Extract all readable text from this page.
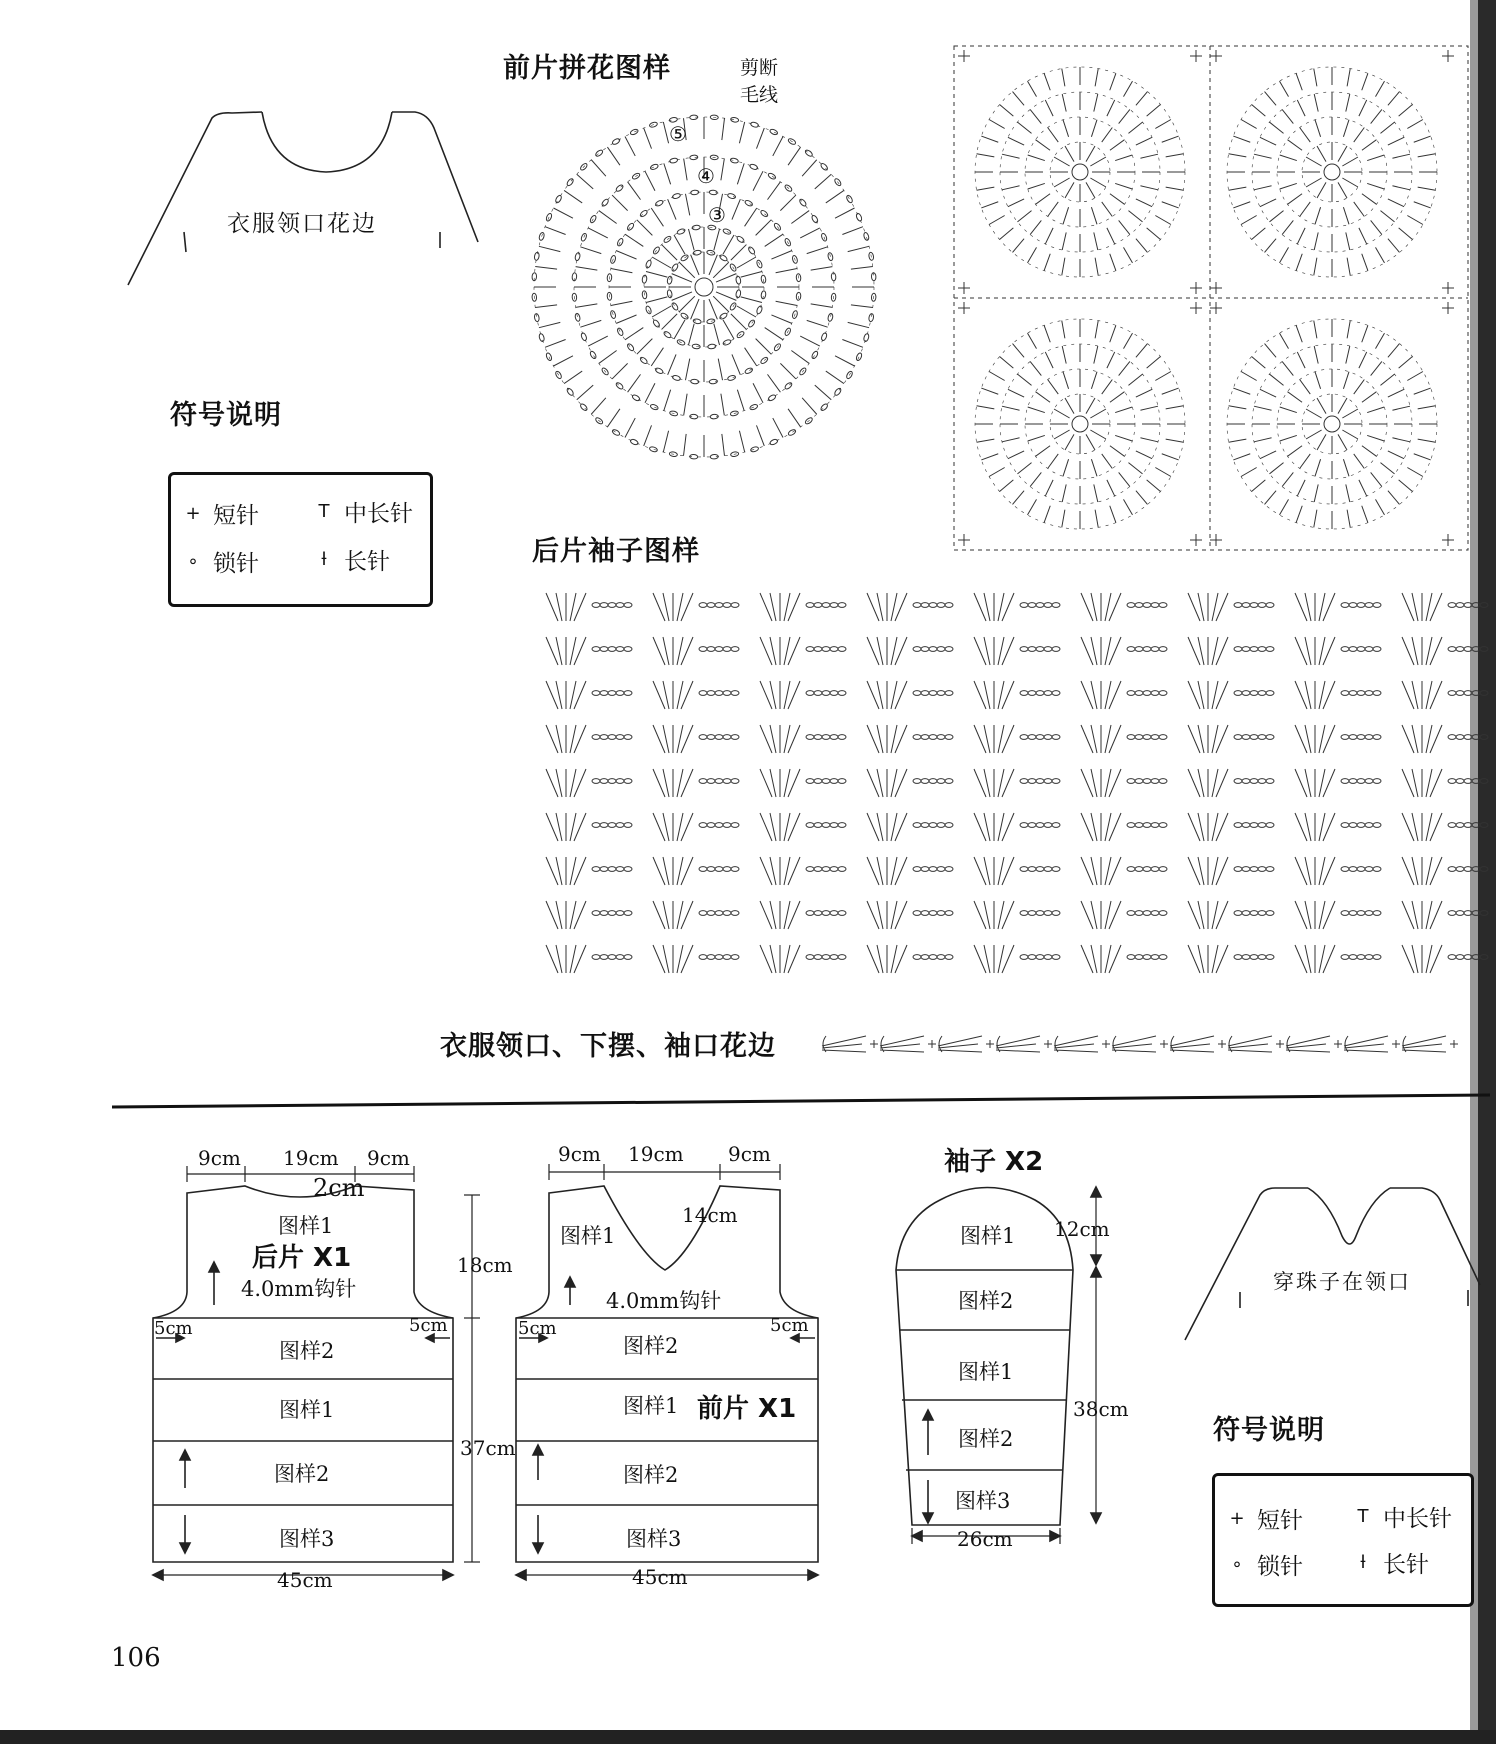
衣服领口花边
符号说明
+ 短针	T 中长针
∘ 锁针	ƚ 长针
前片拼花图样	剪断
毛线
⑤
④
③
后片袖子图样
衣服领口、下摆、袖口花边
9cm 19cm 9cm
2cm
图样1
后片 X1
4.0mm钩针
5cm	5cm
图样2
图样1
图样2
图样3
45cm
18cm
37cm
9cm 19cm 9cm
14cm
图样1
4.0mm钩针
5cm	5cm
图样2
图样1 前片 X1
图样2
图样3
45cm
袖子 X2
图样1 12cm
图样2
图样1
38cm
图样2
图样3
26cm
穿珠子在领口
符号说明
+ 短针	T 中长针
∘ 锁针	ƚ 长针
106
